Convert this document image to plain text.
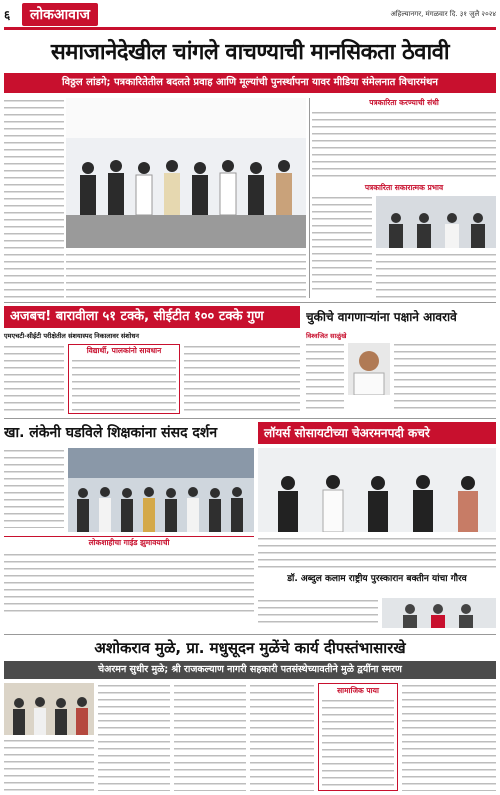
६	लोकआवाज	अहिल्यानगर, मंगळवार दि. ३१ जुलै २०२४
समाजानेदेखील चांगले वाचण्याची मानसिकता ठेवावी
विठ्ठल लांडगे; पत्रकारितेतील बदलते प्रवाह आणि मूल्यांची पुनर्स्थापना यावर मीडिया संमेलनात विचारमंथन
पत्रकारिता करण्याची संधी
पत्रकारिता सकारात्मक प्रभाव
अजबच! बारावीला ५१ टक्के, सीईटीत १०० टक्के गुण
एमएचटी-सीईटी परीक्षेतील संशयास्पद निकालावर संशोधन
विद्यार्थी, पालकांनो सावधान
चुकीचे वागणाऱ्यांना पक्षाने आवरावे
विश्वजित साळुंखे
खा. लंकेनी घडविले शिक्षकांना संसद दर्शन
लोकशाहीचा गाईड झुमावयाची
लॉयर्स सोसायटीच्या चेअरमनपदी कचरे
डॉ. अब्दुल कलाम राष्ट्रीय पुरस्कारान बक्तीन यांचा गौरव
अशोकराव मुळे, प्रा. मधुसूदन मुळेंचे कार्य दीपस्तंभासारखे
चेअरमन सुधीर मुळे; श्री राजकल्याण नागरी सहकारी पतसंस्थेच्यावतीने मुळे द्वयींना स्मरण
सामाजिक पाया
